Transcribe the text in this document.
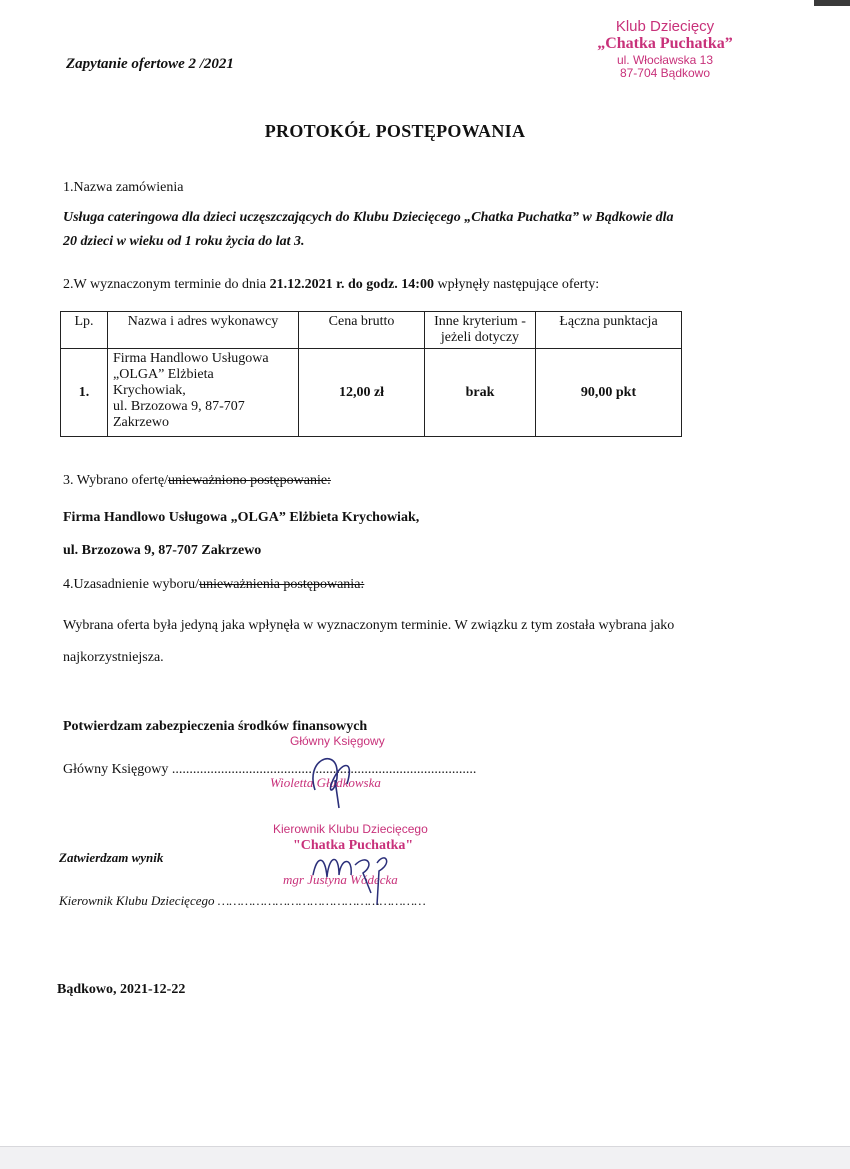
Zapytanie ofertowe 2 /2021
Klub Dziecięcy
„Chatka Puchatka”
ul. Włocławska 13
87-704 Bądkowo
PROTOKÓŁ POSTĘPOWANIA
1.Nazwa zamówienia
Usługa cateringowa dla dzieci uczęszczających do Klubu Dziecięcego „Chatka Puchatka” w Bądkowie dla
20 dzieci w wieku od 1 roku życia do lat 3.
2.W wyznaczonym terminie do dnia 21.12.2021 r. do godz. 14:00 wpłynęły następujące oferty:
Lp.	Nazwa i adres wykonawcy	Cena brutto	Inne kryterium - jeżeli dotyczy	Łączna punktacja
1.	Firma Handlowo Usługowa
„OLGA” Elżbieta
Krychowiak,
ul. Brzozowa 9, 87-707
Zakrzewo	12,00 zł	brak	90,00 pkt
3. Wybrano ofertę/unieważniono postępowanie:
Firma Handlowo Usługowa „OLGA” Elżbieta Krychowiak,
ul. Brzozowa 9, 87-707 Zakrzewo
4.Uzasadnienie wyboru/unieważnienia postępowania:
Wybrana oferta była jedyną jaka wpłynęła w wyznaczonym terminie. W związku z tym została wybrana jako
najkorzystniejsza.
Potwierdzam zabezpieczenia środków finansowych
Główny Księgowy
Główny Księgowy .......................................................................................
Wioletta Gładkowska
Kierownik Klubu Dziecięcego
"Chatka Puchatka"
Zatwierdzam wynik
mgr Justyna Wódecka
Kierownik Klubu Dziecięcego ………………………………………………
Bądkowo, 2021-12-22
